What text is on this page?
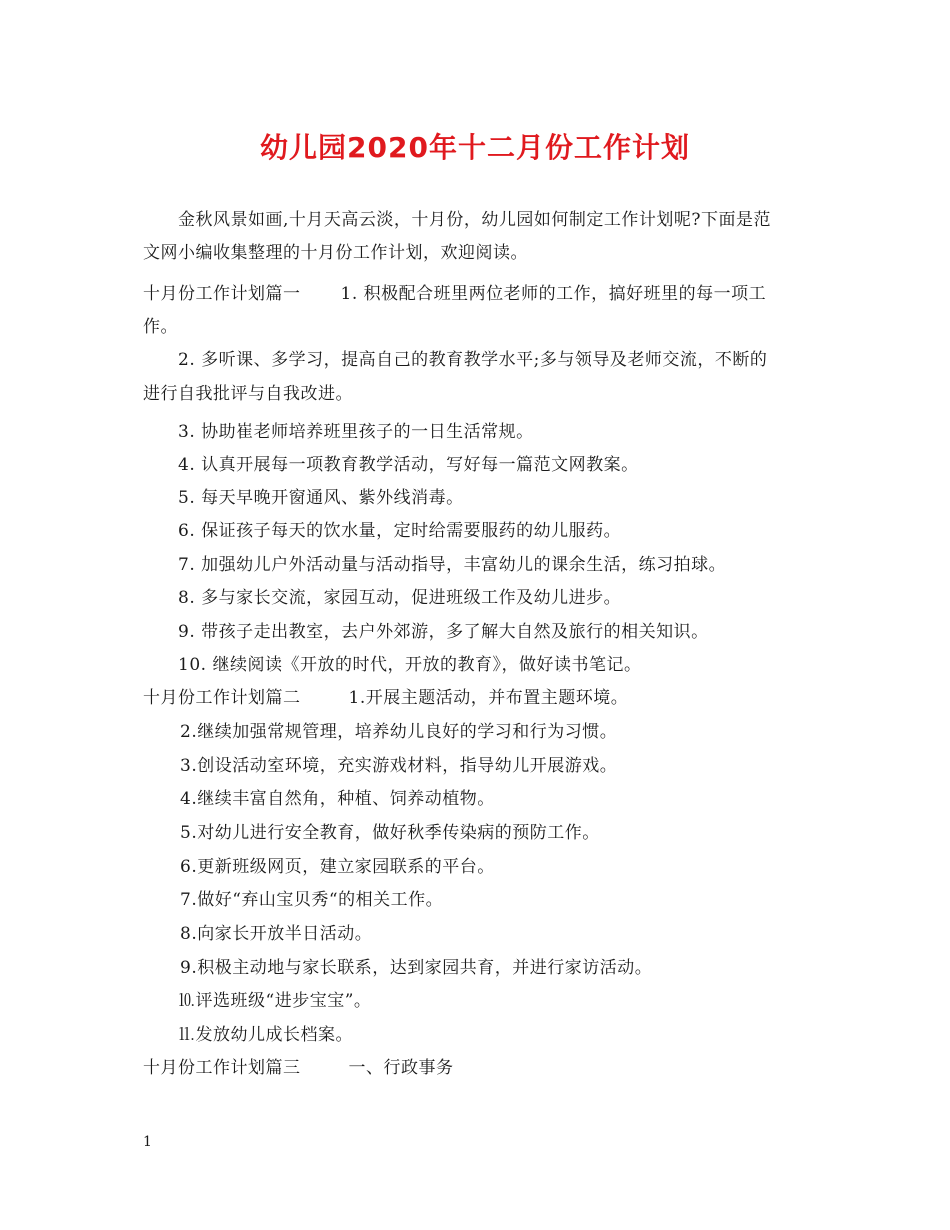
幼儿园2020年十二月份工作计划
金秋风景如画,十月天高云淡，十月份，幼儿园如何制定工作计划呢?下面是范
文网小编收集整理的十月份工作计划，欢迎阅读。
十月份工作计划篇一 1. 积极配合班里两位老师的工作，搞好班里的每一项工
作。
2. 多听课、多学习，提高自己的教育教学水平;多与领导及老师交流，不断的
进行自我批评与自我改进。
3. 协助崔老师培养班里孩子的一日生活常规。
4. 认真开展每一项教育教学活动，写好每一篇范文网教案。
5. 每天早晚开窗通风、紫外线消毒。
6. 保证孩子每天的饮水量，定时给需要服药的幼儿服药。
7. 加强幼儿户外活动量与活动指导，丰富幼儿的课余生活，练习拍球。
8. 多与家长交流，家园互动，促进班级工作及幼儿进步。
9. 带孩子走出教室，去户外郊游，多了解大自然及旅行的相关知识。
10. 继续阅读《开放的时代，开放的教育》，做好读书笔记。
十月份工作计划篇二	1.开展主题活动，并布置主题环境。
2.继续加强常规管理，培养幼儿良好的学习和行为习惯。
3.创设活动室环境，充实游戏材料，指导幼儿开展游戏。
4.继续丰富自然角，种植、饲养动植物。
5.对幼儿进行安全教育，做好秋季传染病的预防工作。
6.更新班级网页，建立家园联系的平台。
7.做好“弃山宝贝秀“的相关工作。
8.向家长开放半日活动。
9.积极主动地与家长联系，达到家园共育，并进行家访活动。
⒑评选班级“进步宝宝”。
⒒发放幼儿成长档案。
十月份工作计划篇三	一、行政事务
1
